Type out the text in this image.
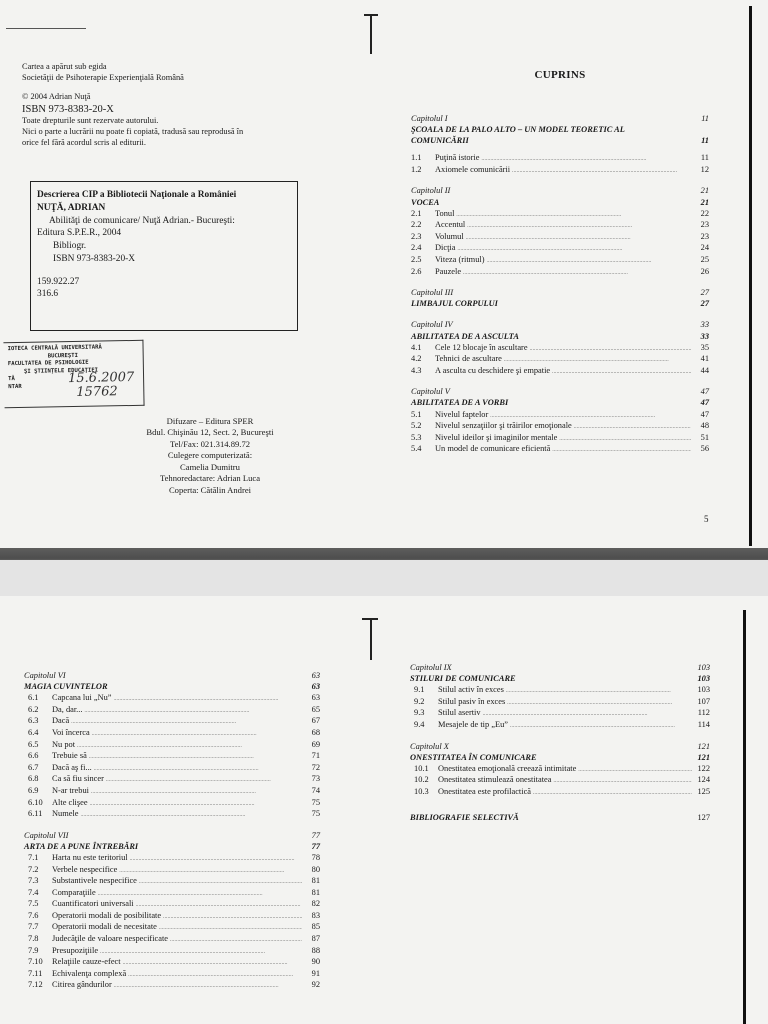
Cartea a apărut sub egida
Societăţii de Psihoterapie Experienţială Română
© 2004 Adrian Nuţă
ISBN 973-8383-20-X
Toate drepturile sunt rezervate autorului.
Nici o parte a lucrării nu poate fi copiată, tradusă sau reprodusă în
orice fel fără acordul scris al editurii.
Descrierea CIP a Bibliotecii Naţionale a României
NUŢĂ, ADRIAN
Abilităţi de comunicare/ Nuţă Adrian.- Bucureşti:
Editura S.P.E.R., 2004
Bibliogr.
ISBN 973-8383-20-X
159.922.27
316.6
IOTECA CENTRALĂ UNIVERSITARĂ
BUCUREŞTI
FACULTATEA DE PSIHOLOGIE
ŞI ŞTIINŢELE EDUCAŢIEI
TĂ
NTAR
15.6.2007
15762
Difuzare – Editura SPER
Bdul. Chişinău 12, Sect. 2, Bucureşti
Tel/Fax: 021.314.89.72
Culegere computerizată:
Camelia Dumitru
Tehnoredactare: Adrian Luca
Coperta: Cătălin Andrei
CUPRINS
Capitolul I	11
ŞCOALA DE LA PALO ALTO – UN MODEL TEORETIC AL
COMUNICĂRII	11
1.1	Puţină istorie . . .	11
1.2	Axiomele comunicării . . .	12
Capitolul II	21
VOCEA	21
2.1	Tonul . . .	22
2.2	Accentul . . .	23
2.3	Volumul . . .	23
2.4	Dicţia . . .	24
2.5	Viteza (ritmul) . . .	25
2.6	Pauzele . . .	26
Capitolul III	27
LIMBAJUL CORPULUI	27
Capitolul IV	33
ABILITATEA DE A ASCULTA	33
4.1	Cele 12 blocaje în ascultare . . .	35
4.2	Tehnici de ascultare . . .	41
4.3	A asculta cu deschidere şi empatie . . .	44
Capitolul V	47
ABILITATEA DE A VORBI	47
5.1	Nivelul faptelor . . .	47
5.2	Nivelul senzaţiilor şi trăirilor emoţionale . . .	48
5.3	Nivelul ideilor şi imaginilor mentale . . .	51
5.4	Un model de comunicare eficientă . . .	56
5
Capitolul VI	63
MAGIA CUVINTELOR	63
6.1	Capcana lui „Nu” . . .	63
6.2	Da, dar... . . .	65
6.3	Dacă . . .	67
6.4	Voi încerca . . .	68
6.5	Nu pot . . .	69
6.6	Trebuie să . . .	71
6.7	Dacă aş fi... . . .	72
6.8	Ca să fiu sincer . . .	73
6.9	N-ar trebui . . .	74
6.10	Alte clişee . . .	75
6.11	Numele . . .	75
Capitolul VII	77
ARTA DE A PUNE ÎNTREBĂRI	77
7.1	Harta nu este teritoriul . . .	78
7.2	Verbele nespecifice . . .	80
7.3	Substantivele nespecifice . . .	81
7.4	Comparaţiile . . .	81
7.5	Cuantificatori universali . . .	82
7.6	Operatorii modali de posibilitate . . .	83
7.7	Operatorii modali de necesitate . . .	85
7.8	Judecăţile de valoare nespecificate . . .	87
7.9	Presupoziţiile . . .	88
7.10	Relaţiile cauze-efect . . .	90
7.11	Echivalenţa complexă . . .	91
7.12	Citirea gândurilor . . .	92
Capitolul IX	103
STILURI DE COMUNICARE	103
9.1	Stilul activ în exces . . .	103
9.2	Stilul pasiv în exces . . .	107
9.3	Stilul asertiv . . .	112
9.4	Mesajele de tip „Eu” . . .	114
Capitolul X	121
ONESTITATEA ÎN COMUNICARE	121
10.1	Onestitatea emoţională creează intimitate . . .	122
10.2	Onestitatea stimulează onestitatea . . .	124
10.3	Onestitatea este profilactică . . .	125
BIBLIOGRAFIE SELECTIVĂ	127
